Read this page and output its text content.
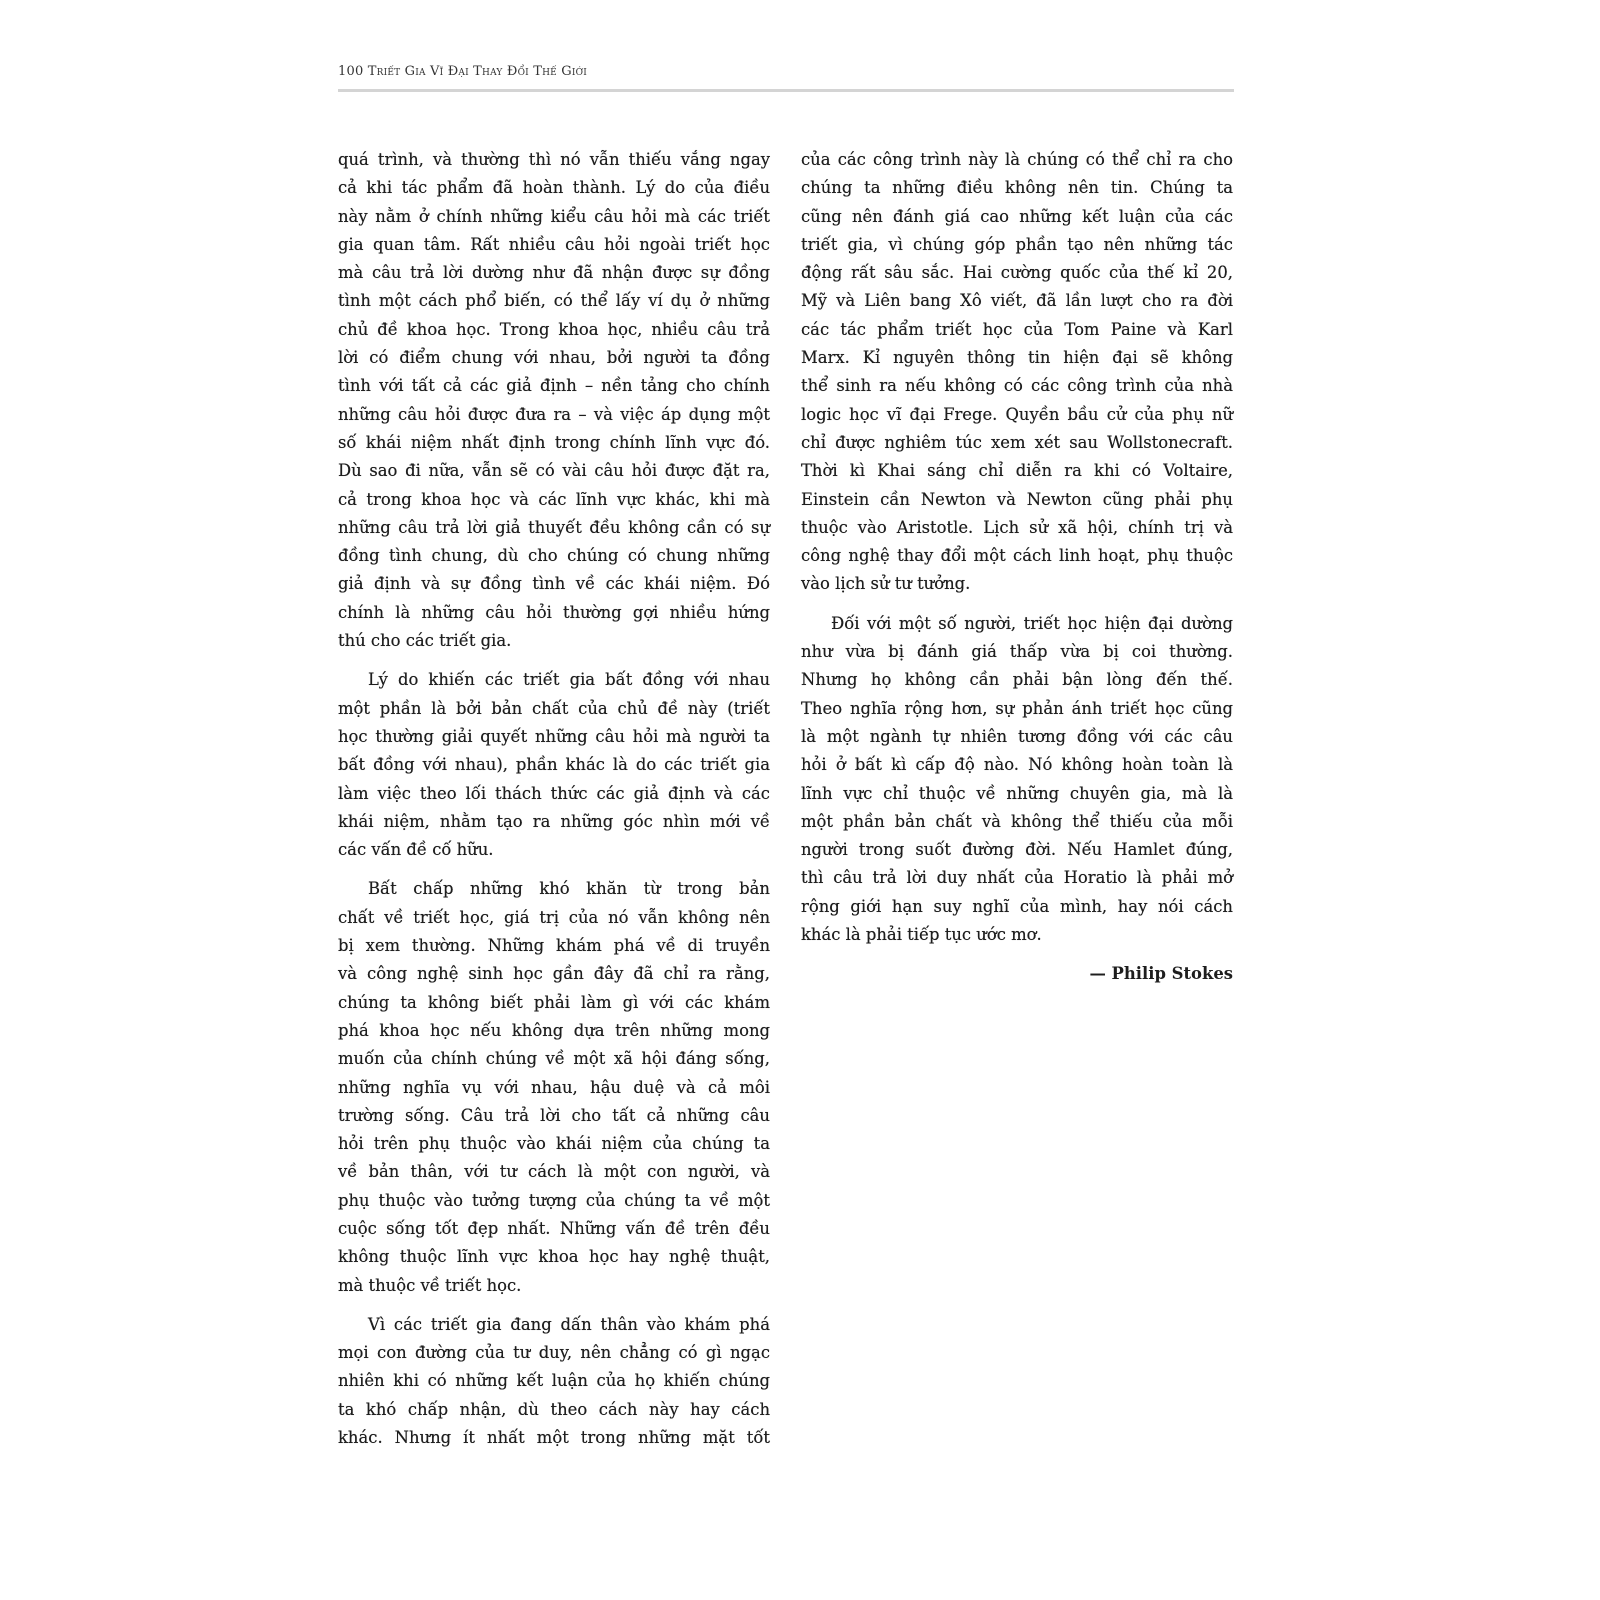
100 Triết Gia Vĩ Đại Thay Đổi Thế Giới
quá trình, và thường thì nó vẫn thiếu vắng ngay
cả khi tác phẩm đã hoàn thành. Lý do của điều
này nằm ở chính những kiểu câu hỏi mà các triết
gia quan tâm. Rất nhiều câu hỏi ngoài triết học
mà câu trả lời dường như đã nhận được sự đồng
tình một cách phổ biến, có thể lấy ví dụ ở những
chủ đề khoa học. Trong khoa học, nhiều câu trả
lời có điểm chung với nhau, bởi người ta đồng
tình với tất cả các giả định – nền tảng cho chính
những câu hỏi được đưa ra – và việc áp dụng một
số khái niệm nhất định trong chính lĩnh vực đó.
Dù sao đi nữa, vẫn sẽ có vài câu hỏi được đặt ra,
cả trong khoa học và các lĩnh vực khác, khi mà
những câu trả lời giả thuyết đều không cần có sự
đồng tình chung, dù cho chúng có chung những
giả định và sự đồng tình về các khái niệm. Đó
chính là những câu hỏi thường gợi nhiều hứng
thú cho các triết gia.
Lý do khiến các triết gia bất đồng với nhau
một phần là bởi bản chất của chủ đề này (triết
học thường giải quyết những câu hỏi mà người ta
bất đồng với nhau), phần khác là do các triết gia
làm việc theo lối thách thức các giả định và các
khái niệm, nhằm tạo ra những góc nhìn mới về
các vấn đề cố hữu.
Bất chấp những khó khăn từ trong bản
chất về triết học, giá trị của nó vẫn không nên
bị xem thường. Những khám phá về di truyền
và công nghệ sinh học gần đây đã chỉ ra rằng,
chúng ta không biết phải làm gì với các khám
phá khoa học nếu không dựa trên những mong
muốn của chính chúng về một xã hội đáng sống,
những nghĩa vụ với nhau, hậu duệ và cả môi
trường sống. Câu trả lời cho tất cả những câu
hỏi trên phụ thuộc vào khái niệm của chúng ta
về bản thân, với tư cách là một con người, và
phụ thuộc vào tưởng tượng của chúng ta về một
cuộc sống tốt đẹp nhất. Những vấn đề trên đều
không thuộc lĩnh vực khoa học hay nghệ thuật,
mà thuộc về triết học.
Vì các triết gia đang dấn thân vào khám phá
mọi con đường của tư duy, nên chẳng có gì ngạc
nhiên khi có những kết luận của họ khiến chúng
ta khó chấp nhận, dù theo cách này hay cách
khác. Nhưng ít nhất một trong những mặt tốt
của các công trình này là chúng có thể chỉ ra cho
chúng ta những điều không nên tin. Chúng ta
cũng nên đánh giá cao những kết luận của các
triết gia, vì chúng góp phần tạo nên những tác
động rất sâu sắc. Hai cường quốc của thế kỉ 20,
Mỹ và Liên bang Xô viết, đã lần lượt cho ra đời
các tác phẩm triết học của Tom Paine và Karl
Marx. Kỉ nguyên thông tin hiện đại sẽ không
thể sinh ra nếu không có các công trình của nhà
logic học vĩ đại Frege. Quyền bầu cử của phụ nữ
chỉ được nghiêm túc xem xét sau Wollstonecraft.
Thời kì Khai sáng chỉ diễn ra khi có Voltaire,
Einstein cần Newton và Newton cũng phải phụ
thuộc vào Aristotle. Lịch sử xã hội, chính trị và
công nghệ thay đổi một cách linh hoạt, phụ thuộc
vào lịch sử tư tưởng.
Đối với một số người, triết học hiện đại dường
như vừa bị đánh giá thấp vừa bị coi thường.
Nhưng họ không cần phải bận lòng đến thế.
Theo nghĩa rộng hơn, sự phản ánh triết học cũng
là một ngành tự nhiên tương đồng với các câu
hỏi ở bất kì cấp độ nào. Nó không hoàn toàn là
lĩnh vực chỉ thuộc về những chuyên gia, mà là
một phần bản chất và không thể thiếu của mỗi
người trong suốt đường đời. Nếu Hamlet đúng,
thì câu trả lời duy nhất của Horatio là phải mở
rộng giới hạn suy nghĩ của mình, hay nói cách
khác là phải tiếp tục ước mơ.
— Philip Stokes
